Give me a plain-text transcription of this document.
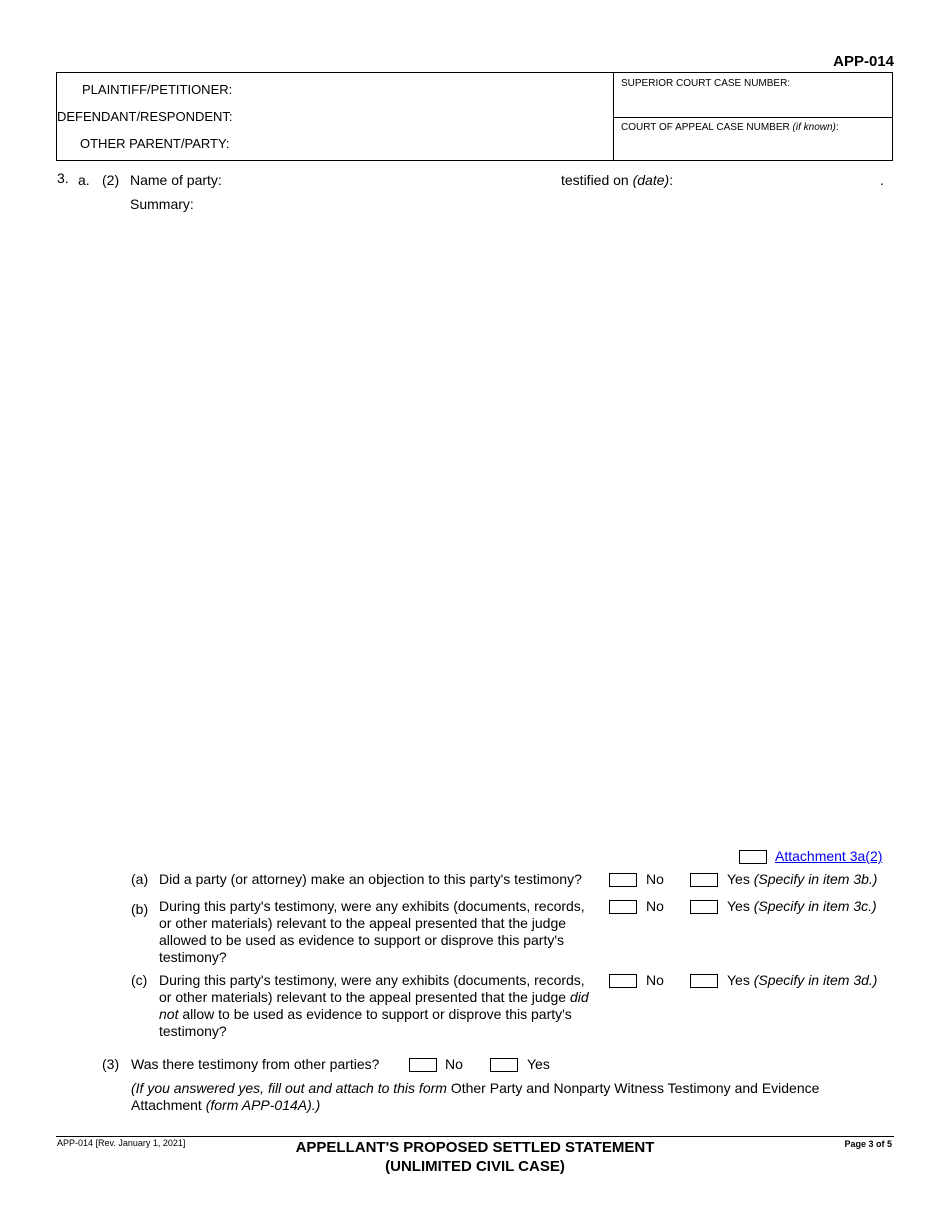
APP-014
PLAINTIFF/PETITIONER:
DEFENDANT/RESPONDENT:
OTHER PARENT/PARTY:
SUPERIOR COURT CASE NUMBER:
COURT OF APPEAL CASE NUMBER (if known):
3. a. (2) Name of party:	testified on (date):	.
Summary:
Attachment 3a(2)
(a) Did a party (or attorney) make an objection to this party's testimony?	No	Yes (Specify in item 3b.)
(b) During this party's testimony, were any exhibits (documents, records, or other materials) relevant to the appeal presented that the judge allowed to be used as evidence to support or disprove this party's testimony?
No	Yes (Specify in item 3c.)
(c) During this party's testimony, were any exhibits (documents, records, or other materials) relevant to the appeal presented that the judge did not allow to be used as evidence to support or disprove this party's testimony?
No	Yes (Specify in item 3d.)
(3) Was there testimony from other parties?	No	Yes
(If you answered yes, fill out and attach to this form Other Party and Nonparty Witness Testimony and Evidence Attachment (form APP-014A).)
APP-014 [Rev. January 1, 2021]	APPELLANT'S PROPOSED SETTLED STATEMENT
(UNLIMITED CIVIL CASE)
Page 3 of 5
